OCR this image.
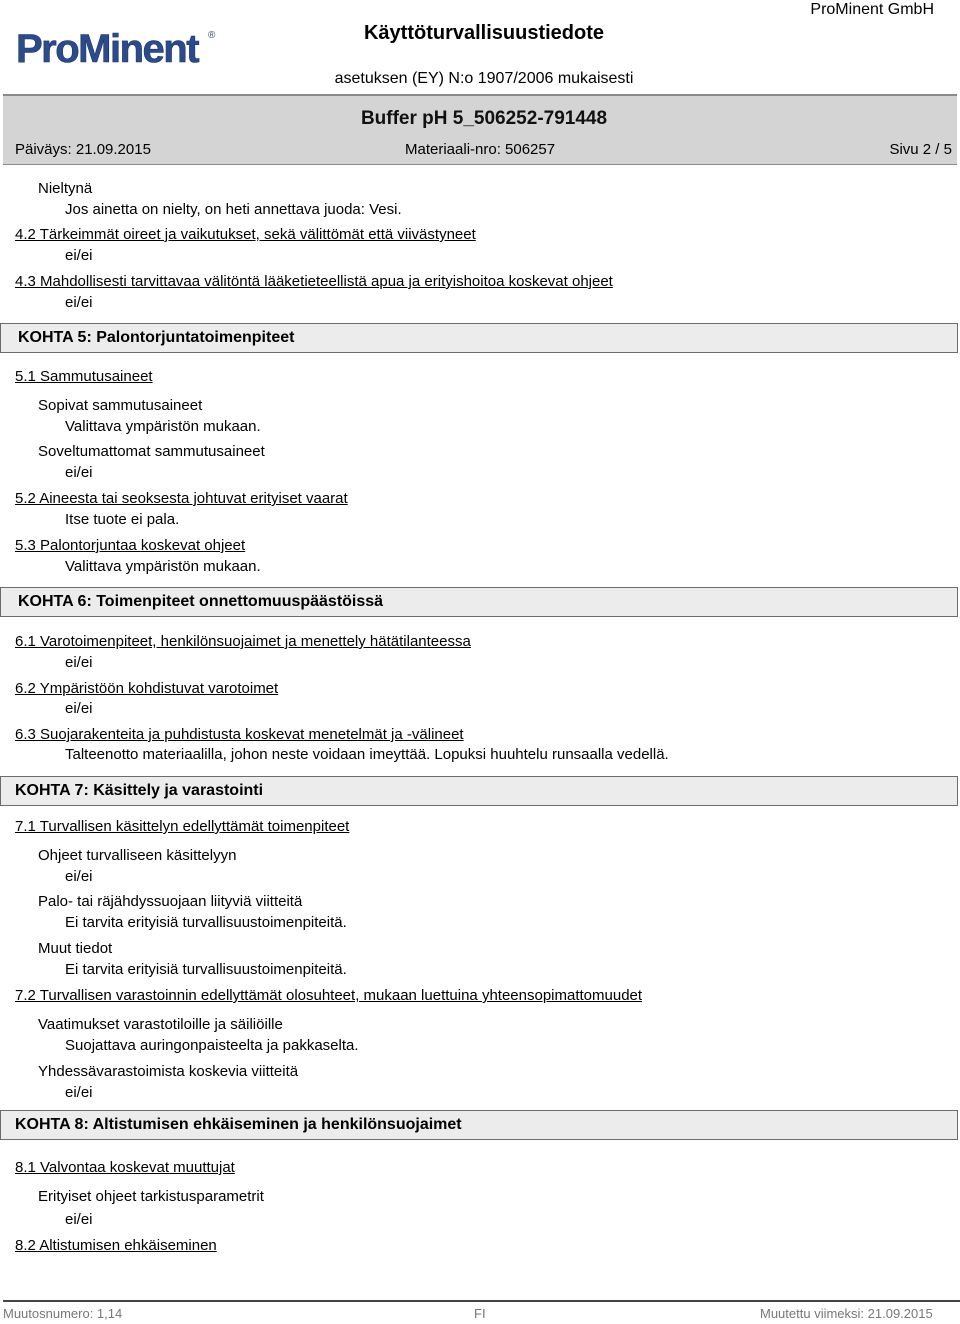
ProMinent ®	Käyttöturvallisuustiedote
ProMinent GmbH
asetuksen (EY) N:o 1907/2006 mukaisesti
Buffer pH 5_506252-791448
Päiväys: 21.09.2015	Materiaali-nro: 506257	Sivu 2 / 5
Nieltynä
Jos ainetta on nielty, on heti annettava juoda: Vesi.
4.2 Tärkeimmät oireet ja vaikutukset, sekä välittömät että viivästyneet
ei/ei
4.3 Mahdollisesti tarvittavaa välitöntä lääketieteellistä apua ja erityishoitoa koskevat ohjeet
ei/ei
KOHTA 5: Palontorjuntatoimenpiteet
5.1 Sammutusaineet
Sopivat sammutusaineet
Valittava ympäristön mukaan.
Soveltumattomat sammutusaineet
ei/ei
5.2 Aineesta tai seoksesta johtuvat erityiset vaarat
Itse tuote ei pala.
5.3 Palontorjuntaa koskevat ohjeet
Valittava ympäristön mukaan.
KOHTA 6: Toimenpiteet onnettomuuspäästöissä
6.1 Varotoimenpiteet, henkilönsuojaimet ja menettely hätätilanteessa
ei/ei
6.2 Ympäristöön kohdistuvat varotoimet
ei/ei
6.3 Suojarakenteita ja puhdistusta koskevat menetelmät ja -välineet
Talteenotto materiaalilla, johon neste voidaan imeyttää. Lopuksi huuhtelu runsaalla vedellä.
KOHTA 7: Käsittely ja varastointi
7.1 Turvallisen käsittelyn edellyttämät toimenpiteet
Ohjeet turvalliseen käsittelyyn
ei/ei
Palo- tai räjähdyssuojaan liityviä viitteitä
Ei tarvita erityisiä turvallisuustoimenpiteitä.
Muut tiedot
Ei tarvita erityisiä turvallisuustoimenpiteitä.
7.2 Turvallisen varastoinnin edellyttämät olosuhteet, mukaan luettuina yhteensopimattomuudet
Vaatimukset varastotiloille ja säiliöille
Suojattava auringonpaisteelta ja pakkaselta.
Yhdessävarastoimista koskevia viitteitä
ei/ei
KOHTA 8: Altistumisen ehkäiseminen ja henkilönsuojaimet
8.1 Valvontaa koskevat muuttujat
Erityiset ohjeet tarkistusparametrit
ei/ei
8.2 Altistumisen ehkäiseminen
Muutosnumero: 1,14	FI	Muutettu viimeksi: 21.09.2015
